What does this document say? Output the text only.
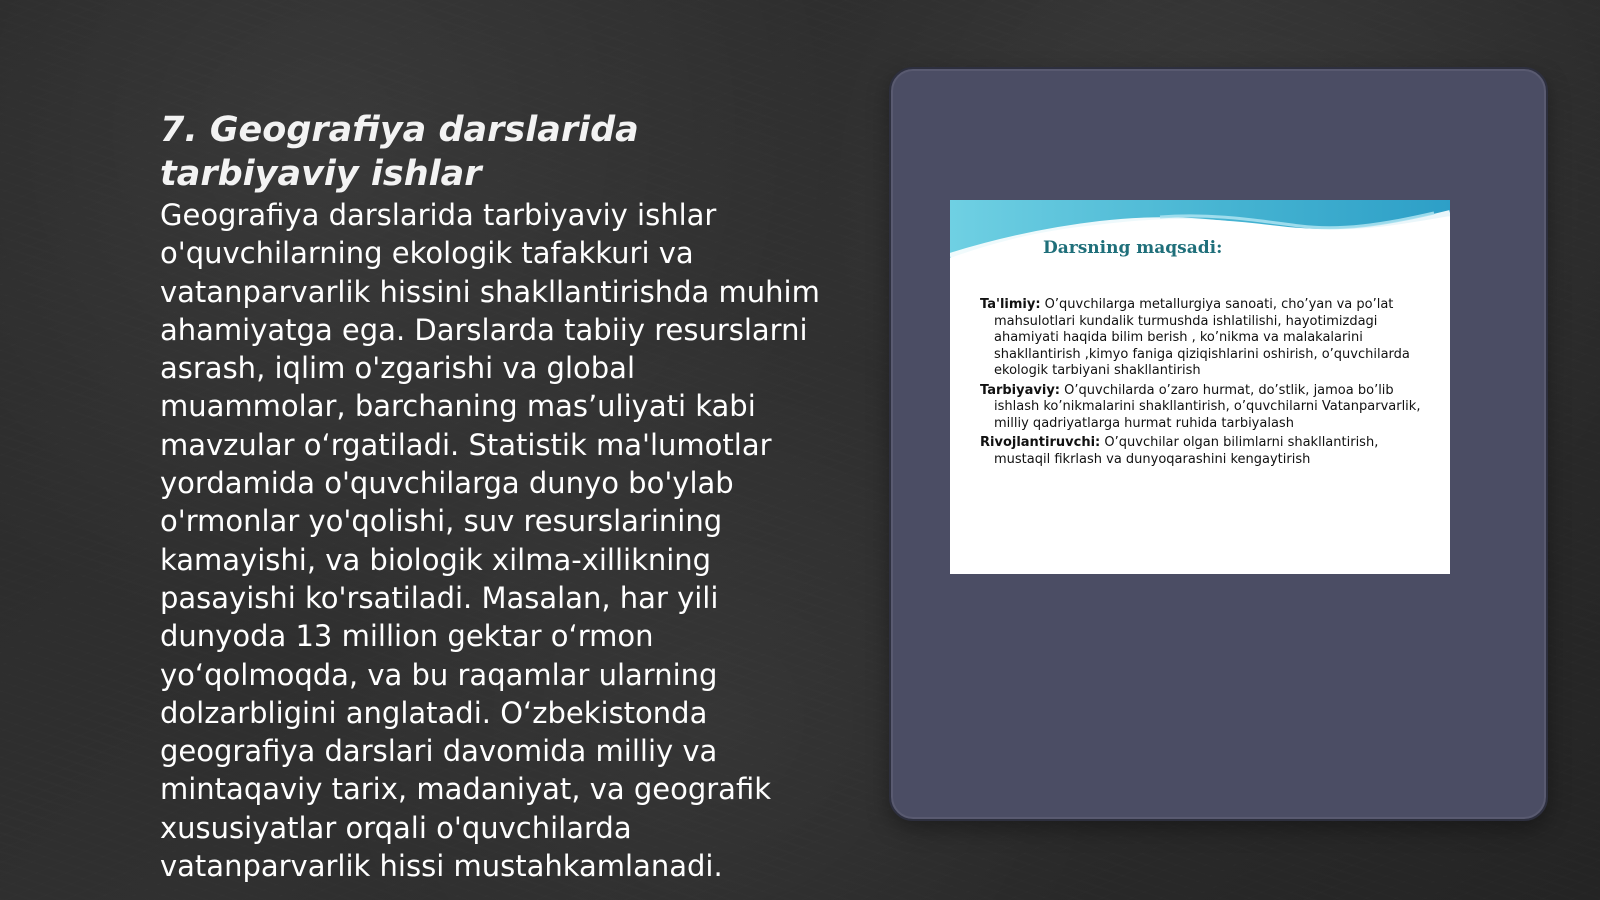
7. Geografiya darslarida tarbiyaviy ishlar

Geografiya darslarida tarbiyaviy ishlar o'quvchilarning ekologik tafakkuri va vatanparvarlik hissini shakllantirishda muhim ahamiyatga ega. Darslarda tabiiy resurslarni asrash, iqlim o'zgarishi va global muammolar, barchaning mas’uliyati kabi mavzular o‘rgatiladi. Statistik ma'lumotlar yordamida o'quvchilarga dunyo bo'ylab o'rmonlar yo'qolishi, suv resurslarining kamayishi, va biologik xilma-xillikning pasayishi ko'rsatiladi. Masalan, har yili dunyoda 13 million gektar o‘rmon yo‘qolmoqda, va bu raqamlar ularning dolzarbligini anglatadi. O‘zbekistonda geografiya darslari davomida milliy va mintaqaviy tarix, madaniyat, va geografik xususiyatlar orqali o'quvchilarda vatanparvarlik hissi mustahkamlanadi.

Darsning maqsadi:

Ta'limiy: O’quvchilarga metallurgiya sanoati, cho’yan va po’lat mahsulotlari kundalik turmushda ishlatilishi, hayotimizdagi ahamiyati haqida bilim berish , ko’nikma va malakalarini shakllantirish ,kimyo faniga qiziqishlarini oshirish, o’quvchilarda ekologik tarbiyani shakllantirish

Tarbiyaviy: O’quvchilarda o’zaro hurmat, do’stlik, jamoa bo’lib ishlash ko’nikmalarini shakllantirish, o’quvchilarni Vatanparvarlik, milliy qadriyatlarga hurmat ruhida tarbiyalash

Rivojlantiruvchi: O’quvchilar olgan bilimlarni shakllantirish, mustaqil fikrlash va dunyoqarashini kengaytirish
